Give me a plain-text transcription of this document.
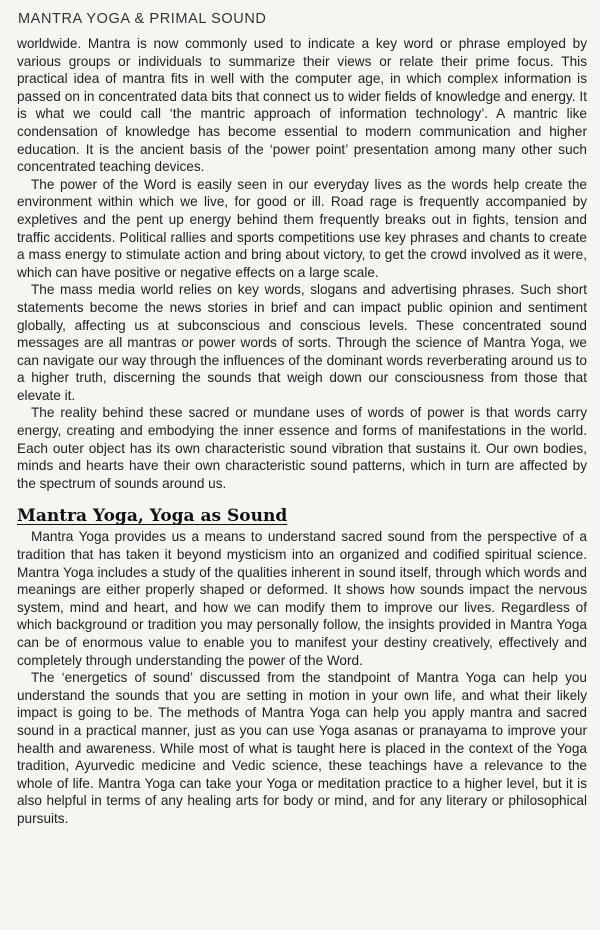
MANTRA YOGA & PRIMAL SOUND

worldwide. Mantra is now commonly used to indicate a key word or phrase employed by various groups or individuals to summarize their views or relate their prime focus. This practical idea of mantra fits in well with the computer age, in which complex information is passed on in concentrated data bits that connect us to wider fields of knowledge and energy. It is what we could call ‘the mantric approach of information technology’. A mantric like condensation of knowledge has become essential to modern communication and higher education. It is the ancient basis of the ‘power point’ presentation among many other such concentrated teaching devices.

The power of the Word is easily seen in our everyday lives as the words help create the environment within which we live, for good or ill. Road rage is frequently accompanied by expletives and the pent up energy behind them frequently breaks out in fights, tension and traffic accidents. Political rallies and sports competitions use key phrases and chants to create a mass energy to stimulate action and bring about victory, to get the crowd involved as it were, which can have positive or negative effects on a large scale.

The mass media world relies on key words, slogans and advertising phrases. Such short statements become the news stories in brief and can impact public opinion and sentiment globally, affecting us at subconscious and conscious levels. These concentrated sound messages are all mantras or power words of sorts. Through the science of Mantra Yoga, we can navigate our way through the influences of the dominant words reverberating around us to a higher truth, discerning the sounds that weigh down our consciousness from those that elevate it.

The reality behind these sacred or mundane uses of words of power is that words carry energy, creating and embodying the inner essence and forms of manifestations in the world. Each outer object has its own characteristic sound vibration that sustains it. Our own bodies, minds and hearts have their own characteristic sound patterns, which in turn are affected by the spectrum of sounds around us.

Mantra Yoga, Yoga as Sound

Mantra Yoga provides us a means to understand sacred sound from the perspective of a tradition that has taken it beyond mysticism into an organized and codified spiritual science. Mantra Yoga includes a study of the qualities inherent in sound itself, through which words and meanings are either properly shaped or deformed. It shows how sounds impact the nervous system, mind and heart, and how we can modify them to improve our lives. Regardless of which background or tradition you may personally follow, the insights provided in Mantra Yoga can be of enormous value to enable you to manifest your destiny creatively, effectively and completely through understanding the power of the Word.

The ‘energetics of sound’ discussed from the standpoint of Mantra Yoga can help you understand the sounds that you are setting in motion in your own life, and what their likely impact is going to be. The methods of Mantra Yoga can help you apply mantra and sacred sound in a practical manner, just as you can use Yoga asanas or pranayama to improve your health and awareness. While most of what is taught here is placed in the context of the Yoga tradition, Ayurvedic medicine and Vedic science, these teachings have a relevance to the whole of life. Mantra Yoga can take your Yoga or meditation practice to a higher level, but it is also helpful in terms of any healing arts for body or mind, and for any literary or philosophical pursuits.
